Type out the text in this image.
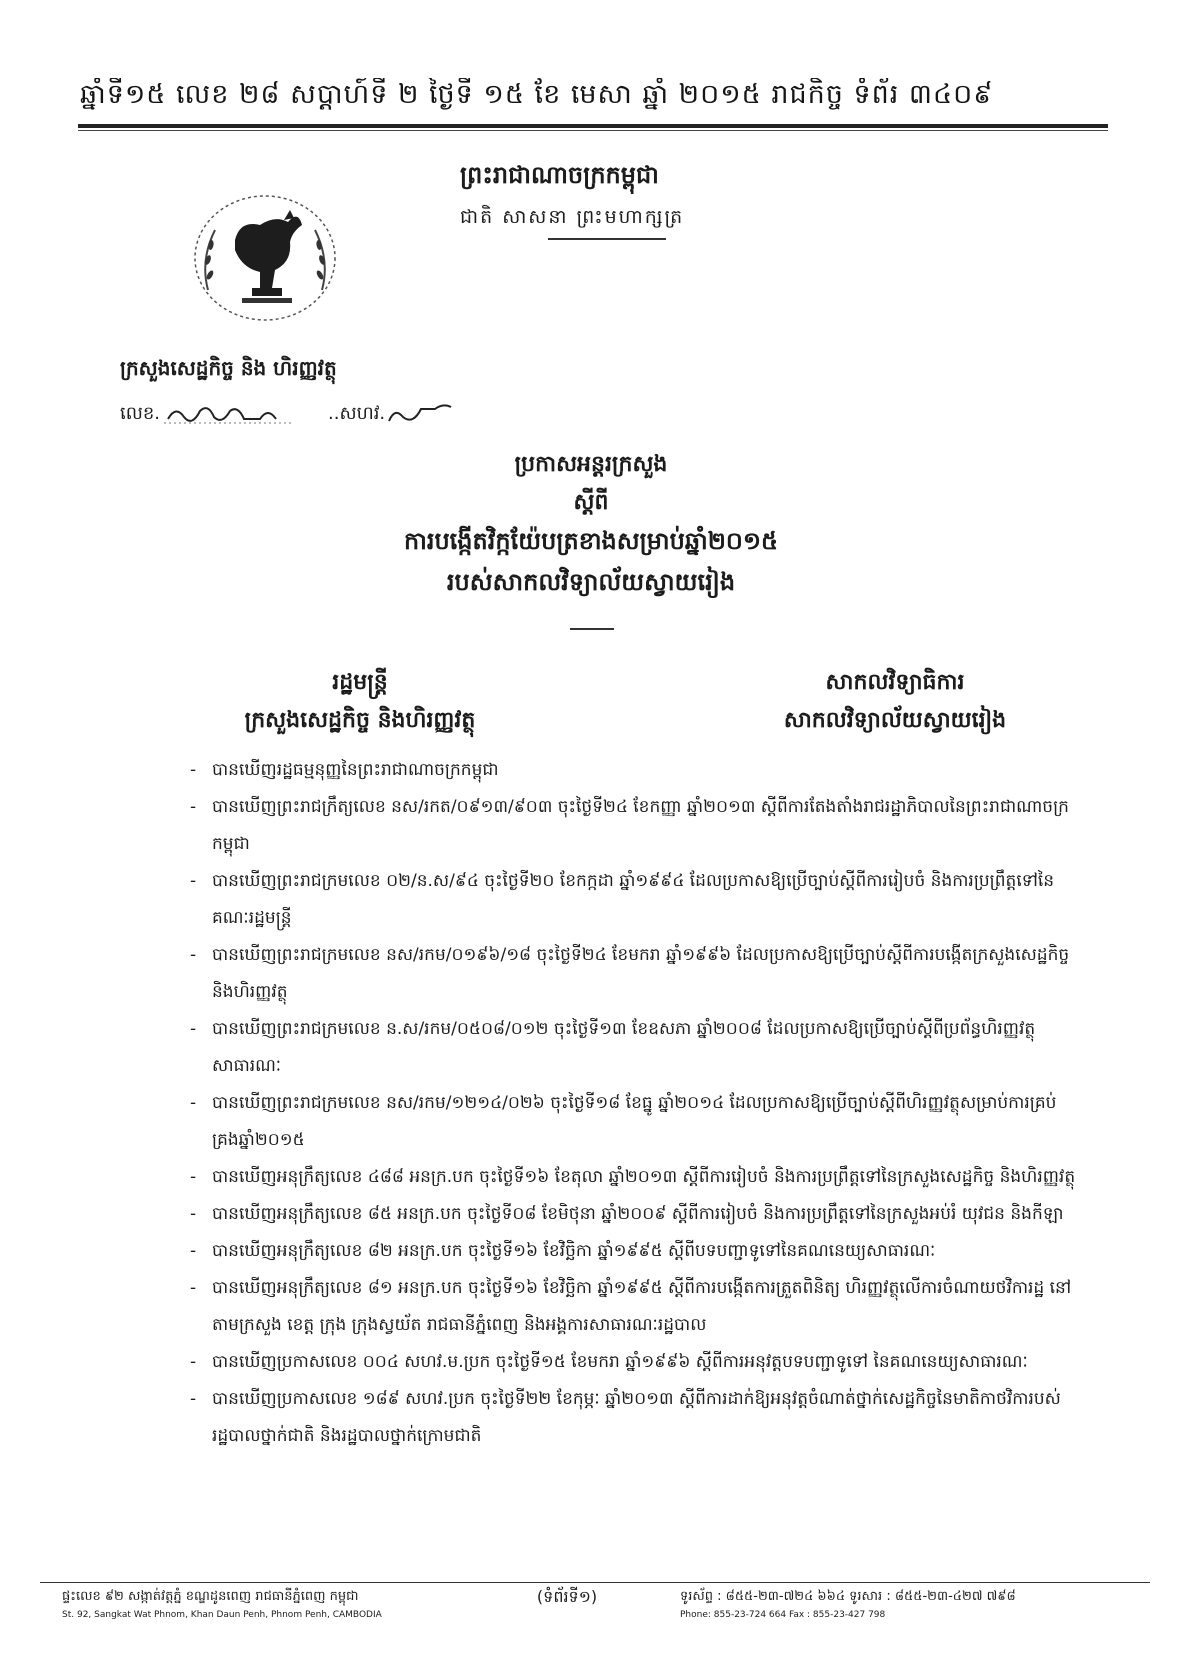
ឆ្នាំទី១៥ លេខ ២៨ សប្តាហ៍ទី ២ ថ្ងៃទី ១៥ ខែ មេសា ឆ្នាំ ២០១៥ រាជកិច្ច ទំព័រ ៣៤០៩
ព្រះរាជាណាចក្រកម្ពុជា
ជាតិ សាសនា ព្រះមហាក្សត្រ
ក្រសួងសេដ្ឋកិច្ច និង ហិរញ្ញវត្ថុ
លេខ.	..សហវ.
ប្រកាសអន្តរក្រសួង
ស្តីពី
ការបង្កើតវិក្កយ៉ែបត្រខាងសម្រាប់ឆ្នាំ២០១៥
របស់សាកលវិទ្យាល័យស្វាយរៀង
រដ្ឋមន្ត្រី
ក្រសួងសេដ្ឋកិច្ច និងហិរញ្ញវត្ថុ
សាកលវិទ្យាធិការ
សាកលវិទ្យាល័យស្វាយរៀង
- បានឃើញរដ្ឋធម្មនុញ្ញនៃព្រះរាជាណាចក្រកម្ពុជា
- បានឃើញព្រះរាជក្រឹត្យលេខ នស/រកត/០៩១៣/៩០៣ ចុះថ្ងៃទី២៤ ខែកញ្ញា ឆ្នាំ២០១៣ ស្តីពីការតែងតាំងរាជរដ្ឋាភិបាលនៃព្រះរាជាណាចក្រកម្ពុជា
- បានឃើញព្រះរាជក្រមលេខ ០២/ន.ស/៩៤ ចុះថ្ងៃទី២០ ខែកក្កដា ឆ្នាំ១៩៩៤ ដែលប្រកាសឱ្យប្រើច្បាប់ស្តីពីការរៀបចំ និងការប្រព្រឹត្តទៅនៃគណៈរដ្ឋមន្ត្រី
- បានឃើញព្រះរាជក្រមលេខ នស/រកម/០១៩៦/១៨ ចុះថ្ងៃទី២៤ ខែមករា ឆ្នាំ១៩៩៦ ដែលប្រកាសឱ្យប្រើច្បាប់ស្តីពីការបង្កើតក្រសួងសេដ្ឋកិច្ច និងហិរញ្ញវត្ថុ
- បានឃើញព្រះរាជក្រមលេខ ន.ស/រកម/០៥០៨/០១២ ចុះថ្ងៃទី១៣ ខែឧសភា ឆ្នាំ២០០៨ ដែលប្រកាសឱ្យប្រើច្បាប់ស្តីពីប្រព័ន្ធហិរញ្ញវត្ថុសាធារណៈ
- បានឃើញព្រះរាជក្រមលេខ នស/រកម/១២១៤/០២៦ ចុះថ្ងៃទី១៨ ខែធ្នូ ឆ្នាំ២០១៤ ដែលប្រកាសឱ្យប្រើច្បាប់ស្តីពីហិរញ្ញវត្ថុសម្រាប់ការគ្រប់គ្រងឆ្នាំ២០១៥
- បានឃើញអនុក្រឹត្យលេខ ៤៨៨ អនក្រ.បក ចុះថ្ងៃទី១៦ ខែតុលា ឆ្នាំ២០១៣ ស្តីពីការរៀបចំ និងការប្រព្រឹត្តទៅនៃក្រសួងសេដ្ឋកិច្ច និងហិរញ្ញវត្ថុ
- បានឃើញអនុក្រឹត្យលេខ ៨៥ អនក្រ.បក ចុះថ្ងៃទី០៨ ខែមិថុនា ឆ្នាំ២០០៩ ស្តីពីការរៀបចំ និងការប្រព្រឹត្តទៅនៃក្រសួងអប់រំ យុវជន និងកីឡា
- បានឃើញអនុក្រឹត្យលេខ ៨២ អនក្រ.បក ចុះថ្ងៃទី១៦ ខែវិច្ឆិកា ឆ្នាំ១៩៩៥ ស្តីពីបទបញ្ជាទូទៅនៃគណនេយ្យសាធារណៈ
- បានឃើញអនុក្រឹត្យលេខ ៨១ អនក្រ.បក ចុះថ្ងៃទី១៦ ខែវិច្ឆិកា ឆ្នាំ១៩៩៥ ស្តីពីការបង្កើតការត្រួតពិនិត្យ ហិរញ្ញវត្ថុលើការចំណាយថវិការដ្ឋ នៅតាមក្រសួង ខេត្ត ក្រុង ក្រុងស្វយ័ត រាជធានីភ្នំពេញ និងអង្គការសាធារណៈរដ្ឋបាល
- បានឃើញប្រកាសលេខ ០០៤ សហវ.ម.ប្រក ចុះថ្ងៃទី១៥ ខែមករា ឆ្នាំ១៩៩៦ ស្តីពីការអនុវត្តបទបញ្ជាទូទៅ នៃគណនេយ្យសាធារណៈ
- បានឃើញប្រកាសលេខ ១៨៩ សហវ.ប្រក ចុះថ្ងៃទី២២ ខែកុម្ភៈ ឆ្នាំ២០១៣ ស្តីពីការដាក់ឱ្យអនុវត្តចំណាត់ថ្នាក់សេដ្ឋកិច្ចនៃមាតិកាថវិការបស់រដ្ឋបាលថ្នាក់ជាតិ និងរដ្ឋបាលថ្នាក់ក្រោមជាតិ
ផ្ទះលេខ ៩២ សង្កាត់វត្តភ្នំ ខណ្ឌដូនពេញ រាជធានីភ្នំពេញ កម្ពុជា
St. 92, Sangkat Wat Phnom, Khan Daun Penh, Phnom Penh, CAMBODIA
(ទំព័រទី១)	ទូរស័ព្ទ : ៨៥៥-២៣-៧២៤ ៦៦៤ ទូរសារ : ៨៥៥-២៣-៤២៧ ៧៩៨
Phone: 855-23-724 664 Fax : 855-23-427 798
